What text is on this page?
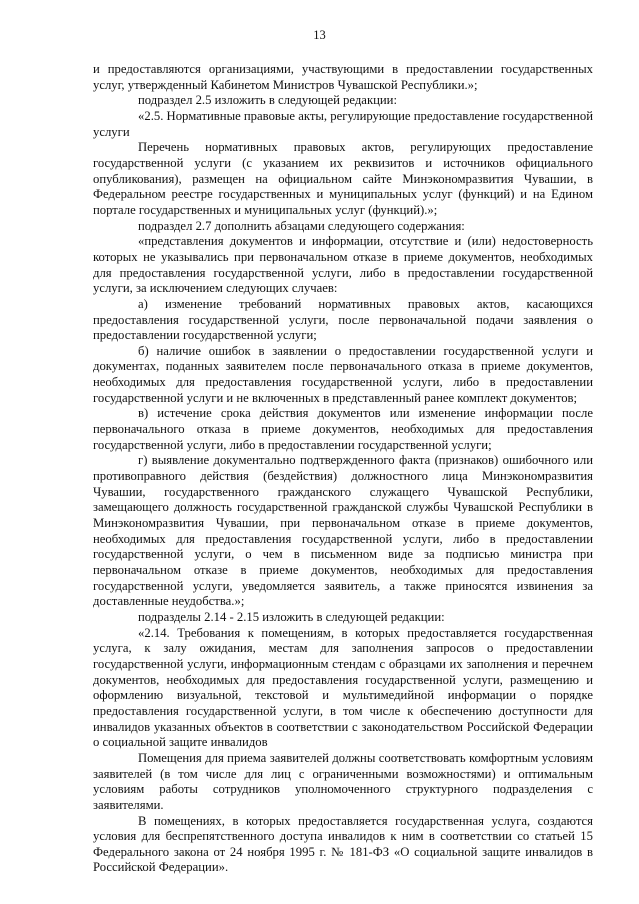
13

и предоставляются организациями, участвующими в предоставлении государственных услуг, утвержденный Кабинетом Министров Чувашской Республики.»;

подраздел 2.5 изложить в следующей редакции:

«2.5. Нормативные правовые акты, регулирующие предоставление государственной услуги

Перечень нормативных правовых актов, регулирующих предоставление государственной услуги (с указанием их реквизитов и источников официального опубликования), размещен на официальном сайте Минэкономразвития Чувашии, в Федеральном реестре государственных и муниципальных услуг (функций) и на Едином портале государственных и муниципальных услуг (функций).»;

подраздел 2.7 дополнить абзацами следующего содержания:

«представления документов и информации, отсутствие и (или) недостоверность которых не указывались при первоначальном отказе в приеме документов, необходимых для предоставления государственной услуги, либо в предоставлении государственной услуги, за исключением следующих случаев:

а) изменение требований нормативных правовых актов, касающихся предоставления государственной услуги, после первоначальной подачи заявления о предоставлении государственной услуги;

б) наличие ошибок в заявлении о предоставлении государственной услуги и документах, поданных заявителем после первоначального отказа в приеме документов, необходимых для предоставления государственной услуги, либо в предоставлении государственной услуги и не включенных в представленный ранее комплект документов;

в) истечение срока действия документов или изменение информации после первоначального отказа в приеме документов, необходимых для предоставления государственной услуги, либо в предоставлении государственной услуги;

г) выявление документально подтвержденного факта (признаков) ошибочного или противоправного действия (бездействия) должностного лица Минэкономразвития Чувашии, государственного гражданского служащего Чувашской Республики, замещающего должность государственной гражданской службы Чувашской Республики в Минэкономразвития Чувашии, при первоначальном отказе в приеме документов, необходимых для предоставления государственной услуги, либо в предоставлении государственной услуги, о чем в письменном виде за подписью министра при первоначальном отказе в приеме документов, необходимых для предоставления государственной услуги, уведомляется заявитель, а также приносятся извинения за доставленные неудобства.»;

подразделы 2.14 - 2.15 изложить в следующей редакции:

«2.14. Требования к помещениям, в которых предоставляется государственная услуга, к залу ожидания, местам для заполнения запросов о предоставлении государственной услуги, информационным стендам с образцами их заполнения и перечнем документов, необходимых для предоставления государственной услуги, размещению и оформлению визуальной, текстовой и мультимедийной информации о порядке предоставления государственной услуги, в том числе к обеспечению доступности для инвалидов указанных объектов в соответствии с законодательством Российской Федерации о социальной защите инвалидов

Помещения для приема заявителей должны соответствовать комфортным условиям заявителей (в том числе для лиц с ограниченными возможностями) и оптимальным условиям работы сотрудников уполномоченного структурного подразделения с заявителями.

В помещениях, в которых предоставляется государственная услуга, создаются условия для беспрепятственного доступа инвалидов к ним в соответствии со статьей 15 Федерального закона от 24 ноября 1995 г. № 181-ФЗ «О социальной защите инвалидов в Российской Федерации».
